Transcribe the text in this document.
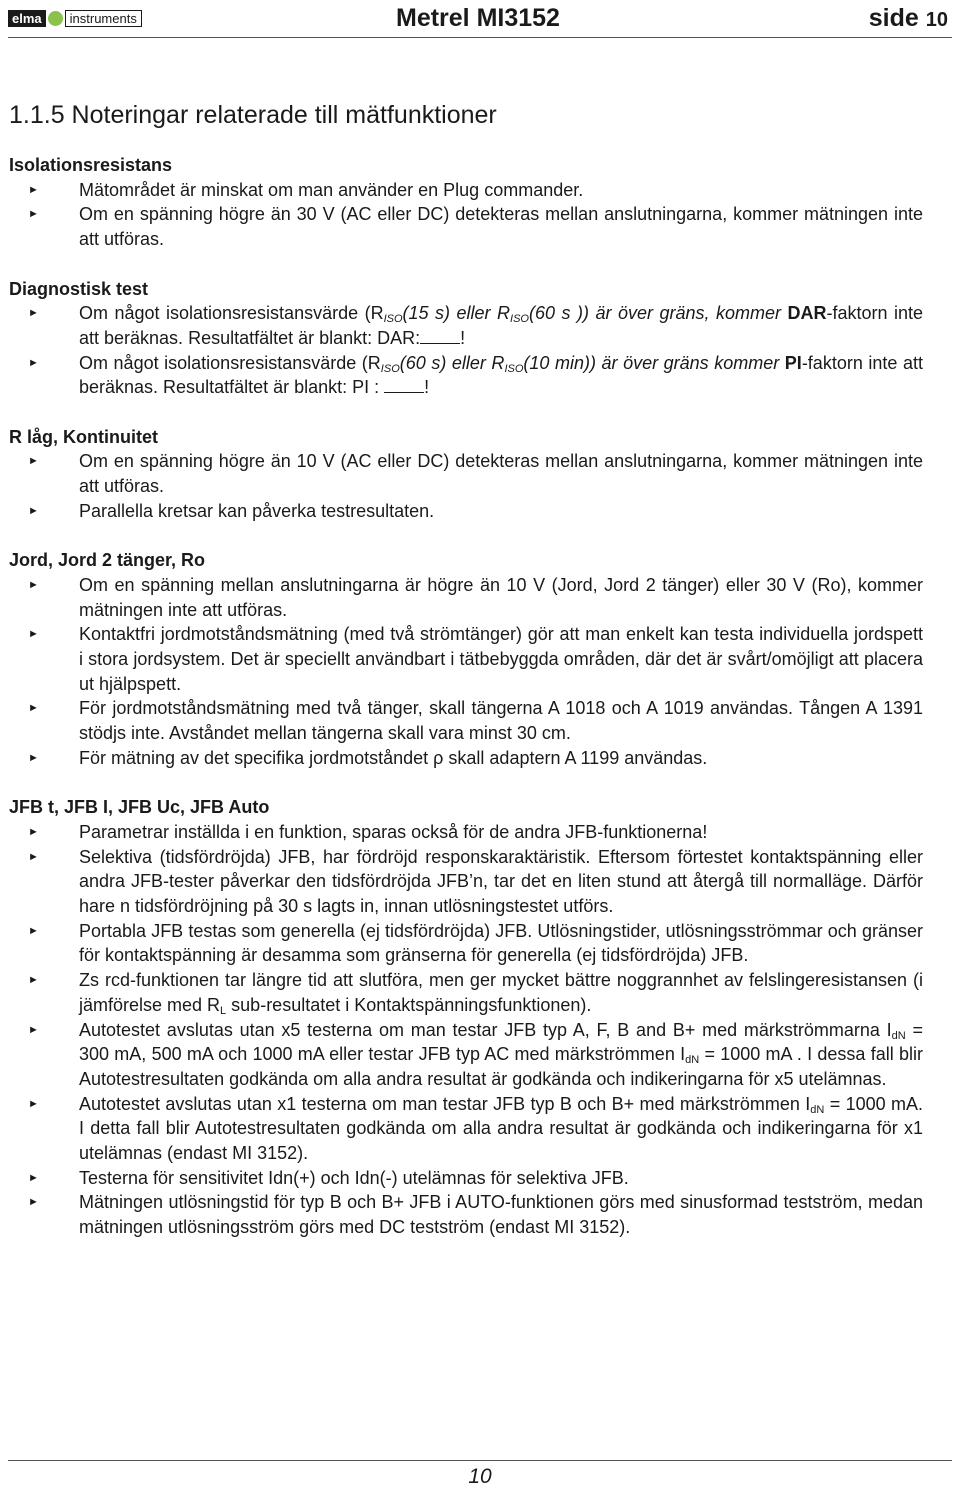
elma	instruments	Metrel MI3152	side 10
1.1.5 Noteringar relaterade till mätfunktioner

Isolationsresistans

► Mätområdet är minskat om man använder en Plug commander.
► Om en spänning högre än 30 V (AC eller DC) detekteras mellan anslutningarna, kommer mätningen inte att utföras.

Diagnostisk test

► Om något isolationsresistansvärde ($R_{ISO}(15$ s) eller $R_{ISO}(60$ s )) är över gräns, kommer DAR-faktorn inte att beräknas. Resultatfältet är blankt: DAR: !
► Om något isolationsresistansvärde ($R_{ISO}(60$ s) eller $R_{ISO}(10$ min)) är över gräns kommer PI-faktorn inte att beräknas. Resultatfältet är blankt: PI :	!

R låg, Kontinuitet

► Om en spänning högre än 10 V (AC eller DC) detekteras mellan anslutningarna, kommer mätningen inte att utföras.
► Parallella kretsar kan påverka testresultaten.

Jord, Jord 2 tänger, Ro

► Om en spänning mellan anslutningarna är högre än 10 V (Jord, Jord 2 tänger) eller 30 V (Ro), kommer mätningen inte att utföras.
► Kontaktfri jordmotståndsmätning (med två strömtänger) gör att man enkelt kan testa individuella jordspett i stora jordsystem. Det är speciellt användbart i tätbebyggda områden, där det är svårt/omöjligt att placera ut hjälpspett.
► För jordmotståndsmätning med två tänger, skall tängerna A 1018 och A 1019 användas. Tången A 1391 stödjs inte. Avståndet mellan tängerna skall vara minst 30 cm.
► För mätning av det specifika jordmotståndet ρ skall adaptern A 1199 användas.

JFB t, JFB I, JFB Uc, JFB Auto

► Parametrar inställda i en funktion, sparas också för de andra JFB-funktionerna!
► Selektiva (tidsfördröjda) JFB, har fördröjd responskaraktäristik. Eftersom förtestet kontaktspänning eller andra JFB-tester påverkar den tidsfördröjda JFB’n, tar det en liten stund att återgå till normalläge. Därför hare n tidsfördröjning på 30 s lagts in, innan utlösningstestet utförs.
► Portabla JFB testas som generella (ej tidsfördröjda) JFB. Utlösningstider, utlösningsströmmar och gränser för kontaktspänning är desamma som gränserna för generella (ej tidsfördröjda) JFB.
► Zs rcd-funktionen tar längre tid att slutföra, men ger mycket bättre noggrannhet av felslingeresistansen (i jämförelse med $R_L$ sub-resultatet i Kontaktspänningsfunktionen).
► Autotestet avslutas utan x5 testerna om man testar JFB typ A, F, B and B+ med märkströmmarna $I_{dN} = 300$ mA, 500 mA och 1000 mA eller testar JFB typ AC med märkströmmen $I_{dN} = 1000$ mA . I dessa fall blir Autotestresultaten godkända om alla andra resultat är godkända och indikeringarna för x5 utelämnas.
► Autotestet avslutas utan x1 testerna om man testar JFB typ B och B+ med märkströmmen $I_{dN} = 1000$ mA. I detta fall blir Autotestresultaten godkända om alla andra resultat är godkända och indikeringarna för x1 utelämnas (endast MI 3152).
► Testerna för sensitivitet Idn(+) och Idn(-) utelämnas för selektiva JFB.
► Mätningen utlösningstid för typ B och B+ JFB i AUTO-funktionen görs med sinusformad testström, medan mätningen utlösningsström görs med DC testström (endast MI 3152).
10
